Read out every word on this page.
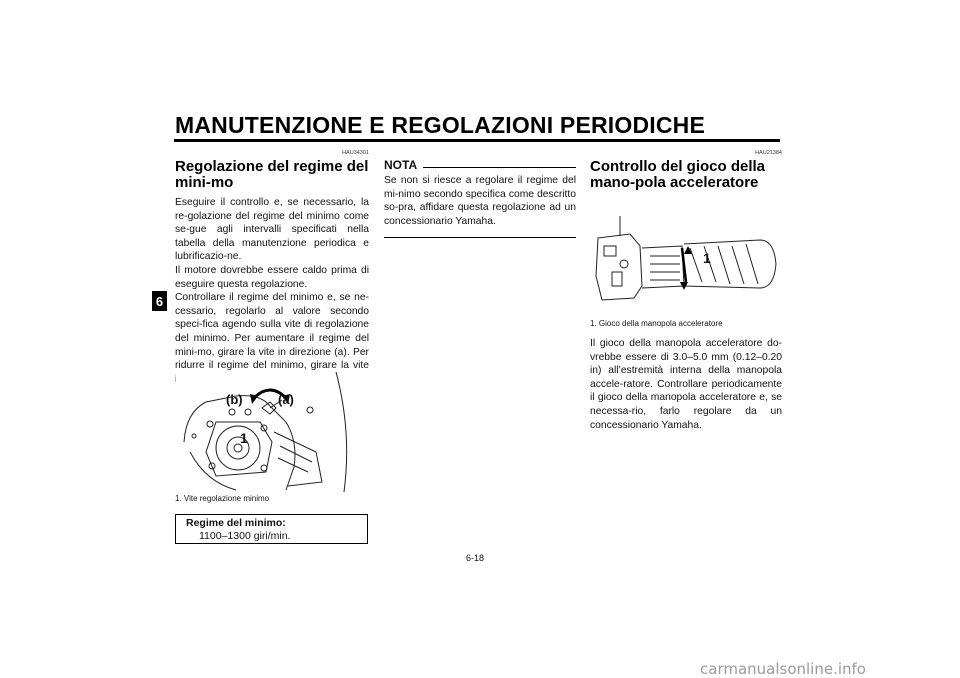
MANUTENZIONE E REGOLAZIONI PERIODICHE
6
HAU34301
Regolazione del regime del mini-mo

Eseguire il controllo e, se necessario, la re-golazione del regime del minimo come se-gue agli intervalli specificati nella tabella della manutenzione periodica e lubrificazio-ne.

Il motore dovrebbe essere caldo prima di eseguire questa regolazione.

Controllare il regime del minimo e, se ne-cessario, regolarlo al valore secondo speci-fica agendo sulla vite di regolazione del minimo. Per aumentare il regime del mini-mo, girare la vite in direzione (a). Per ridurre il regime del minimo, girare la vite

(b)	(a)
1
1. Vite regolazione minimo
Regime del minimo:
1100–1300 giri/min.
NOTA

Se non si riesce a regolare il regime del mi-nimo secondo specifica come descritto so-pra, affidare questa regolazione ad un concessionario Yamaha.

HAU21384
Controllo del gioco della mano-pola acceleratore
1
1. Gioco della manopola acceleratore

Il gioco della manopola acceleratore do-vrebbe essere di 3.0–5.0 mm (0.12–0.20 in) all’estremità interna della manopola accele-ratore. Controllare periodicamente il gioco della manopola acceleratore e, se necessa-rio, farlo regolare da un concessionario Yamaha.

6-18
carmanualsonline.info
